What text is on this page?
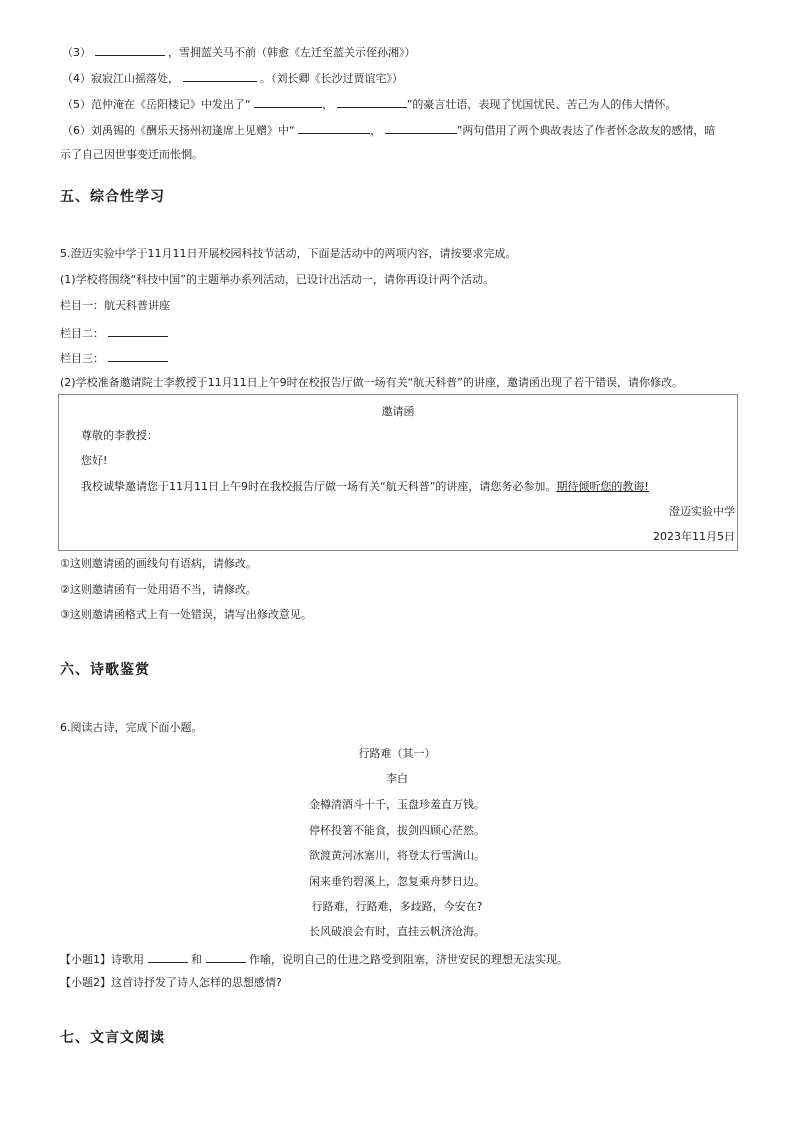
（3）	，雪拥蓝关马不前（韩愈《左迁至蓝关示侄孙湘》）
（4）寂寂江山摇落处，	。（刘长卿《长沙过贾谊宅》）
（5）范仲淹在《岳阳楼记》中发出了“	，	”的豪言壮语，表现了忧国忧民、苦己为人的伟大情怀。
（6）刘禹锡的《酬乐天扬州初逢席上见赠》中“	，	”两句借用了两个典故表达了作者怀念故友的感情，暗
示了自己因世事变迁而怅惘。
五、综合性学习
5.澄迈实验中学于11月11日开展校园科技节活动，下面是活动中的两项内容，请按要求完成。
(1)学校将围绕“科技中国”的主题举办系列活动，已设计出活动一，请你再设计两个活动。
栏目一：航天科普讲座
栏目二：
栏目三：
(2)学校准备邀请院士李教授于11月11日上午9时在校报告厅做一场有关“航天科普”的讲座，邀请函出现了若干错误，请你修改。
邀请函
尊敬的李教授：
您好!
我校诚挚邀请您于11月11日上午9时在我校报告厅做一场有关“航天科普”的讲座，请您务必参加。期待倾听您的教诲!
澄迈实验中学
2023年11月5日
①这则邀请函的画线句有语病，请修改。
②这则邀请函有一处用语不当，请修改。
③这则邀请函格式上有一处错误，请写出修改意见。
六、诗歌鉴赏
6.阅读古诗，完成下面小题。
行路难（其一）
李白
金樽清酒斗十千，玉盘珍羞直万钱。
停杯投箸不能食，拔剑四顾心茫然。
欲渡黄河冰塞川，将登太行雪满山。
闲来垂钓碧溪上，忽复乘舟梦日边。
行路难，行路难，多歧路，今安在?
长风破浪会有时，直挂云帆济沧海。
【小题1】诗歌用	和	作喻，说明自己的仕进之路受到阻塞，济世安民的理想无法实现。
【小题2】这首诗抒发了诗人怎样的思想感情?
七、文言文阅读
